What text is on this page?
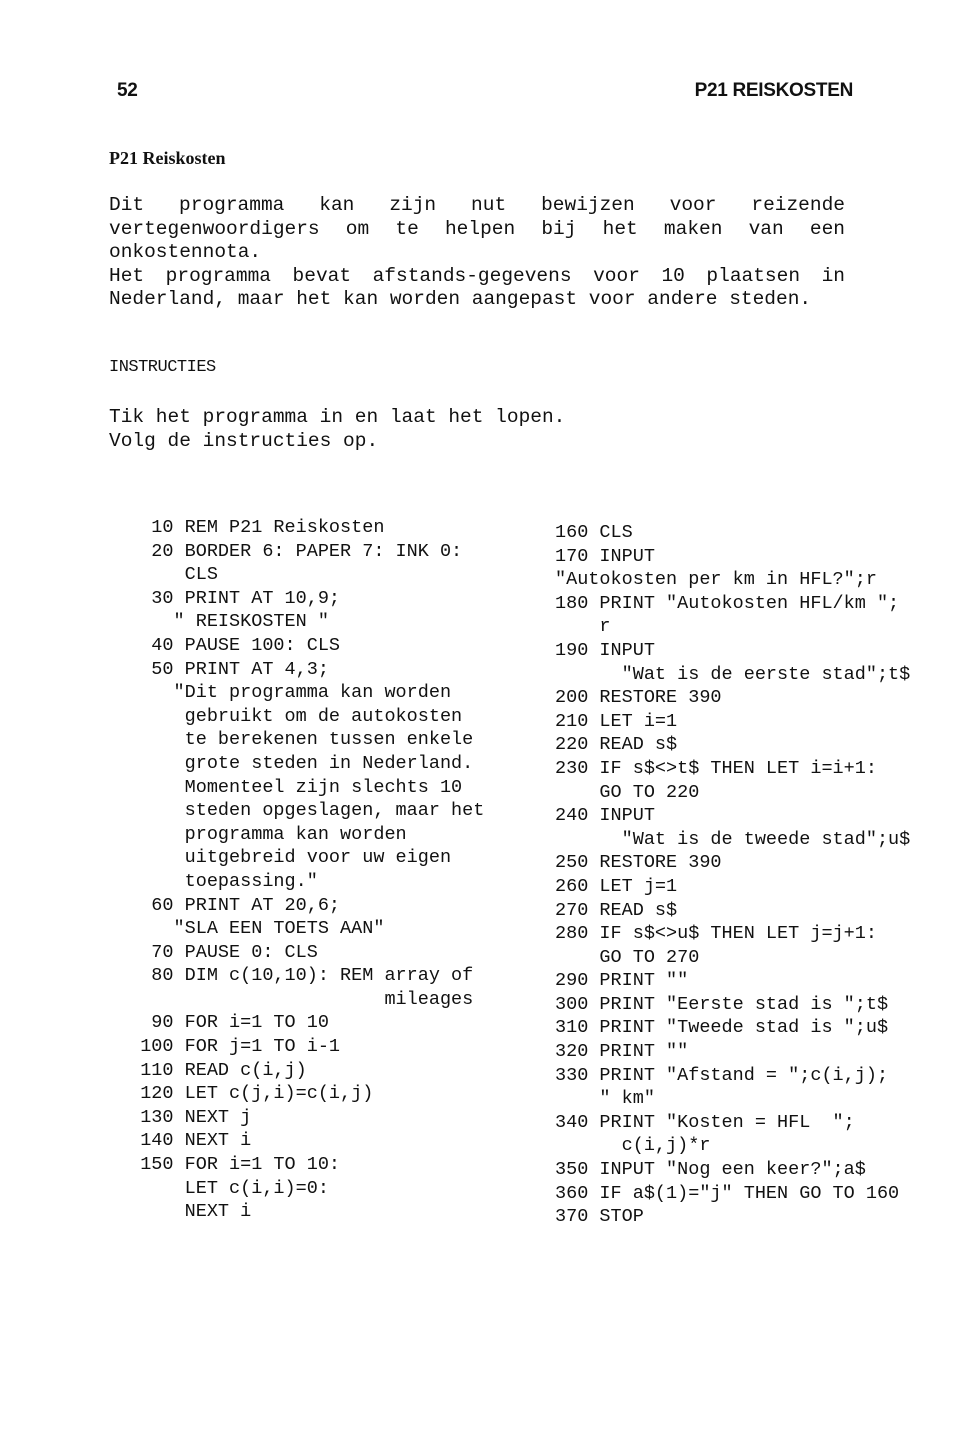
52	P21 REISKOSTEN
P21 Reiskosten
Dit programma kan zijn nut bewijzen voor reizende
vertegenwoordigers om te helpen bij het maken van een
onkostennota.
Het programma bevat afstands-gegevens voor 10 plaatsen in
Nederland, maar het kan worden aangepast voor andere steden.
INSTRUCTIES
Tik het programma in en laat het lopen.
Volg de instructies op.
10 REM P21 Reiskosten
20 BORDER 6: PAPER 7: INK 0:
CLS
30 PRINT AT 10,9;
" REISKOSTEN "
40 PAUSE 100: CLS
50 PRINT AT 4,3;
"Dit programma kan worden
gebruikt om de autokosten
te berekenen tussen enkele
grote steden in Nederland.
Momenteel zijn slechts 10
steden opgeslagen, maar het
programma kan worden
uitgebreid voor uw eigen
toepassing."
60 PRINT AT 20,6;
"SLA EEN TOETS AAN"
70 PAUSE 0: CLS
80 DIM c(10,10): REM array of
mileages
90 FOR i=1 TO 10
100 FOR j=1 TO i-1
110 READ c(i,j)
120 LET c(j,i)=c(i,j)
130 NEXT j
140 NEXT i
150 FOR i=1 TO 10:
LET c(i,i)=0:
NEXT i
160 CLS
170 INPUT
"Autokosten per km in HFL?";r
180 PRINT "Autokosten HFL/km ";
r
190 INPUT
"Wat is de eerste stad";t$
200 RESTORE 390
210 LET i=1
220 READ s$
230 IF s$<>t$ THEN LET i=i+1:
GO TO 220
240 INPUT
"Wat is de tweede stad";u$
250 RESTORE 390
260 LET j=1
270 READ s$
280 IF s$<>u$ THEN LET j=j+1:
GO TO 270
290 PRINT ""
300 PRINT "Eerste stad is ";t$
310 PRINT "Tweede stad is ";u$
320 PRINT ""
330 PRINT "Afstand = ";c(i,j);
" km"
340 PRINT "Kosten = HFL  ";
c(i,j)*r
350 INPUT "Nog een keer?";a$
360 IF a$(1)="j" THEN GO TO 160
370 STOP
